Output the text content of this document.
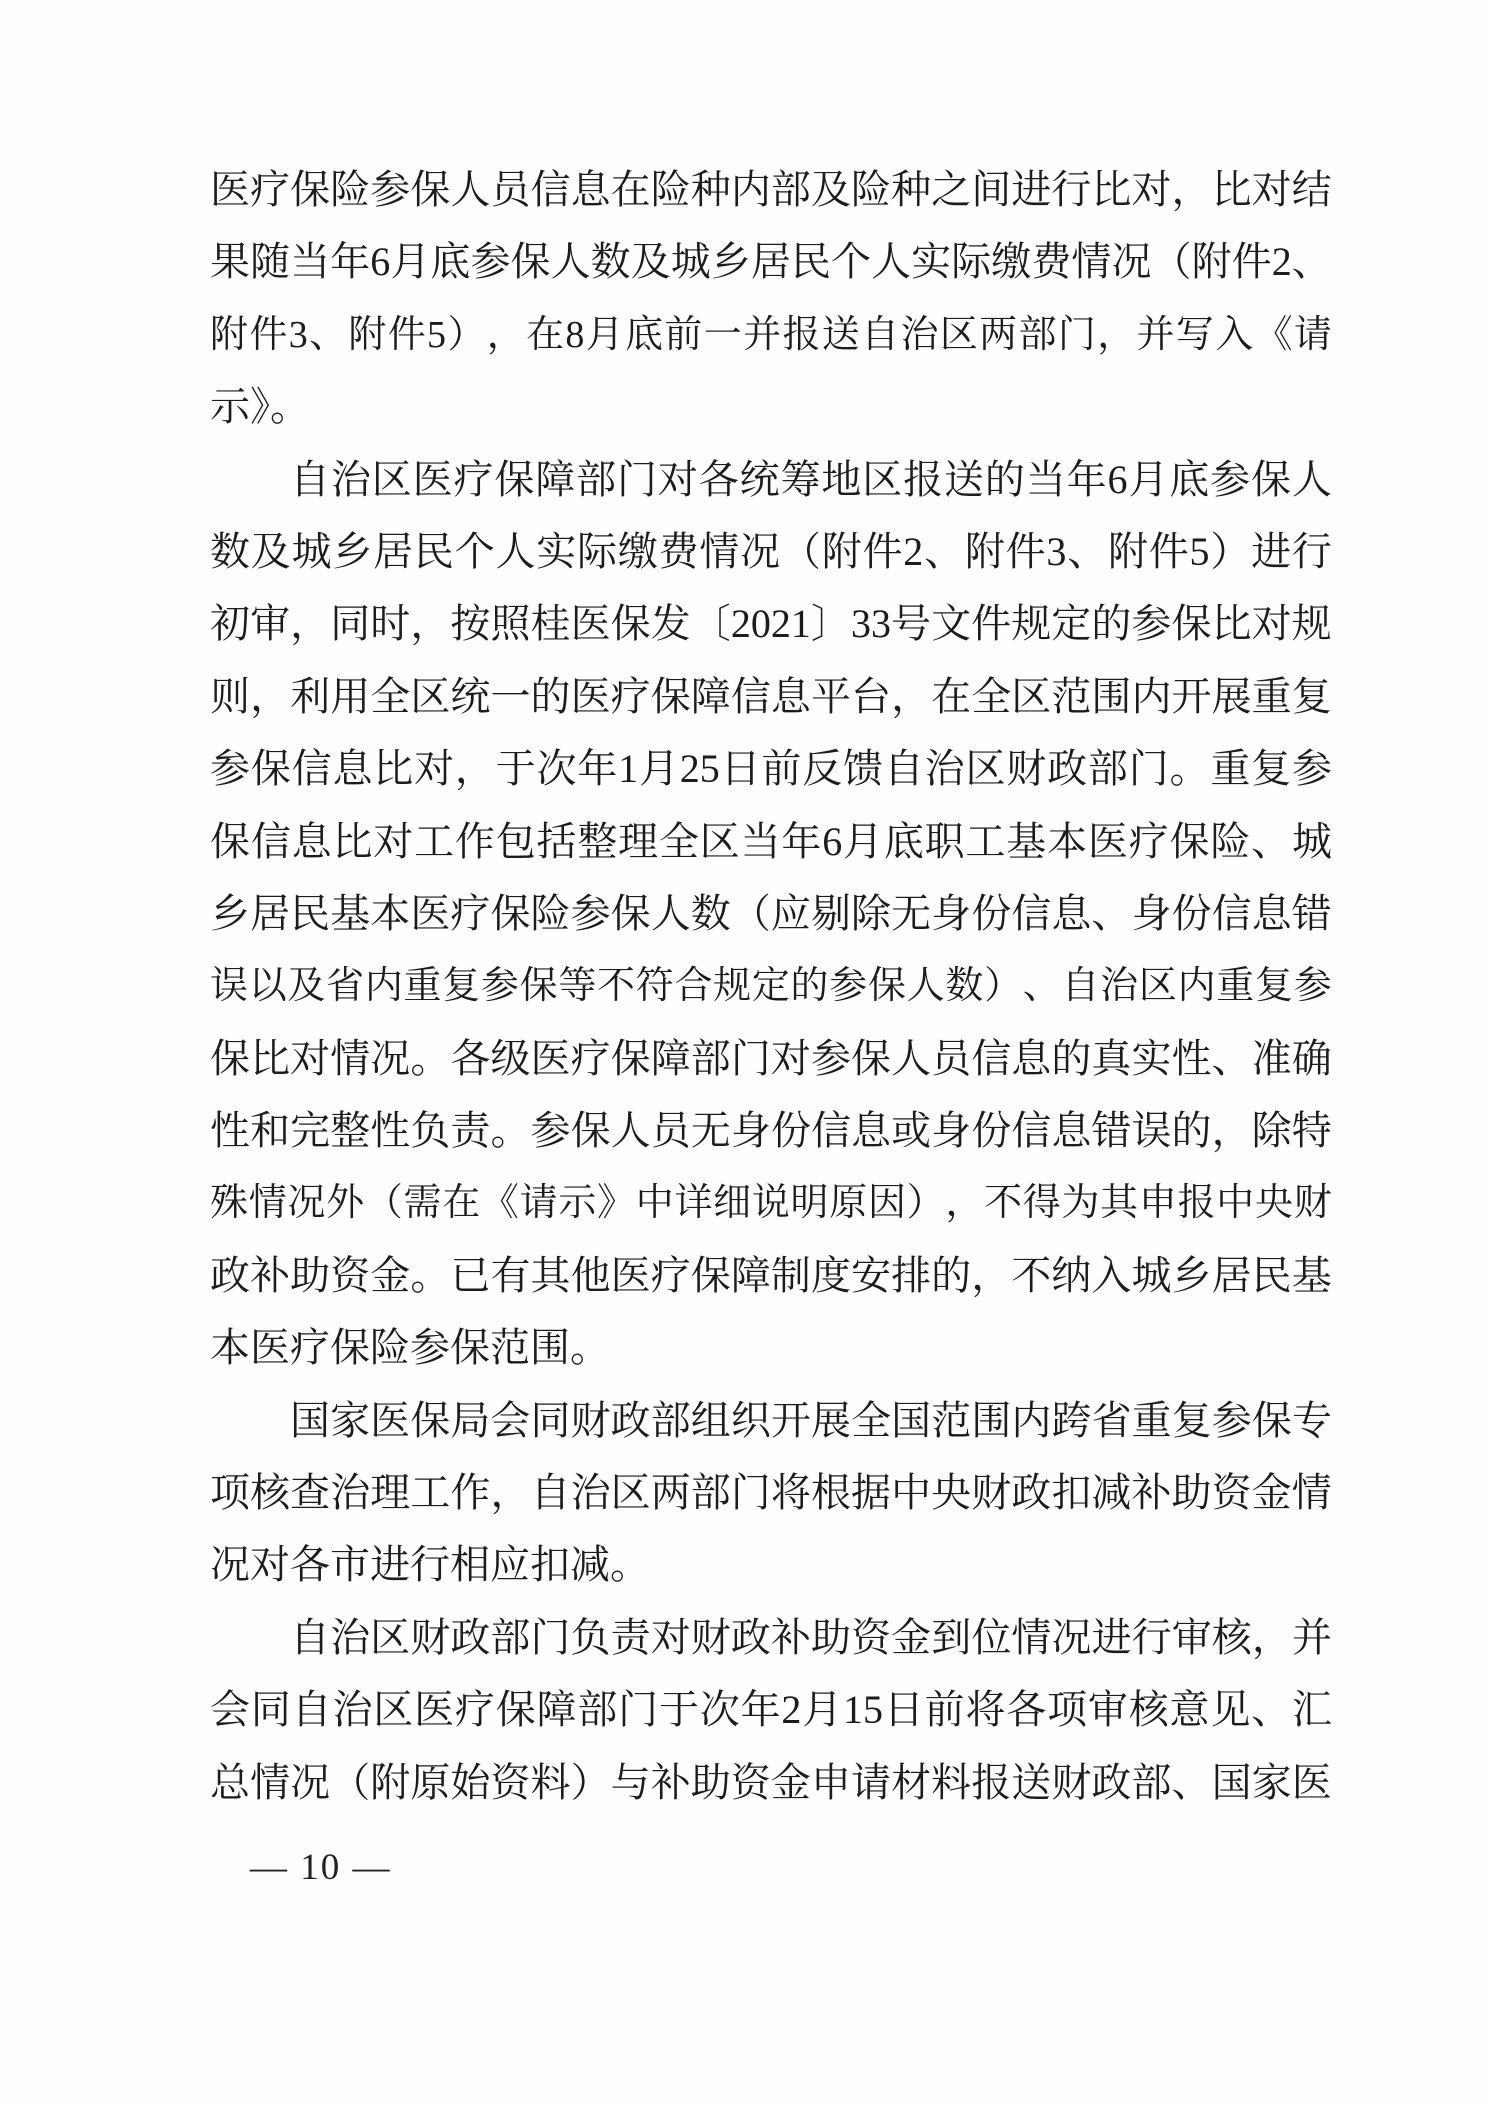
医 疗 保 险 参 保 人 员 信 息 在 险 种 内 部 及 险 种 之 间 进 行 比 对 ， 比 对 结
果 随 当 年 6 月 底 参 保 人 数 及 城 乡 居 民 个 人 实 际 缴 费 情 况 （ 附 件 2 、
附 件 3 、 附 件 5 ） ， 在 8 月 底 前 一 并 报 送 自 治 区 两 部 门 ， 并 写 入 《 请
示》。
自 治 区 医 疗 保 障 部 门 对 各 统 筹 地 区 报 送 的 当 年 6 月 底 参 保 人
数 及 城 乡 居 民 个 人 实 际 缴 费 情 况 （ 附 件 2 、 附 件 3 、 附 件 5 ） 进 行
初 审 ， 同 时 ， 按 照 桂 医 保 发 〔 2021 〕 33 号 文 件 规 定 的 参 保 比 对 规
则 ， 利 用 全 区 统 一 的 医 疗 保 障 信 息 平 台 ， 在 全 区 范 围 内 开 展 重 复
参 保 信 息 比 对 ， 于 次 年 1 月 25 日 前 反 馈 自 治 区 财 政 部 门 。 重 复 参
保 信 息 比 对 工 作 包 括 整 理 全 区 当 年 6 月 底 职 工 基 本 医 疗 保 险 、 城
乡 居 民 基 本 医 疗 保 险 参 保 人 数 （ 应 剔 除 无 身 份 信 息 、 身 份 信 息 错
误 以 及 省 内 重 复 参 保 等 不 符 合 规 定 的 参 保 人 数 ） 、 自 治 区 内 重 复 参
保 比 对 情 况 。 各 级 医 疗 保 障 部 门 对 参 保 人 员 信 息 的 真 实 性 、 准 确
性 和 完 整 性 负 责 。 参 保 人 员 无 身 份 信 息 或 身 份 信 息 错 误 的 ， 除 特
殊 情 况 外 （ 需 在 《 请 示 》 中 详 细 说 明 原 因 ） ， 不 得 为 其 申 报 中 央 财
政 补 助 资 金 。 已 有 其 他 医 疗 保 障 制 度 安 排 的 ， 不 纳 入 城 乡 居 民 基
本医疗保险参保范围。
国 家 医 保 局 会 同 财 政 部 组 织 开 展 全 国 范 围 内 跨 省 重 复 参 保 专
项 核 查 治 理 工 作 ， 自 治 区 两 部 门 将 根 据 中 央 财 政 扣 减 补 助 资 金 情
况对各市进行相应扣减。
自 治 区 财 政 部 门 负 责 对 财 政 补 助 资 金 到 位 情 况 进 行 审 核 ， 并
会 同 自 治 区 医 疗 保 障 部 门 于 次 年 2 月 15 日 前 将 各 项 审 核 意 见 、 汇
总 情 况 （ 附 原 始 资 料 ） 与 补 助 资 金 申 请 材 料 报 送 财 政 部 、 国 家 医
— 10 —
